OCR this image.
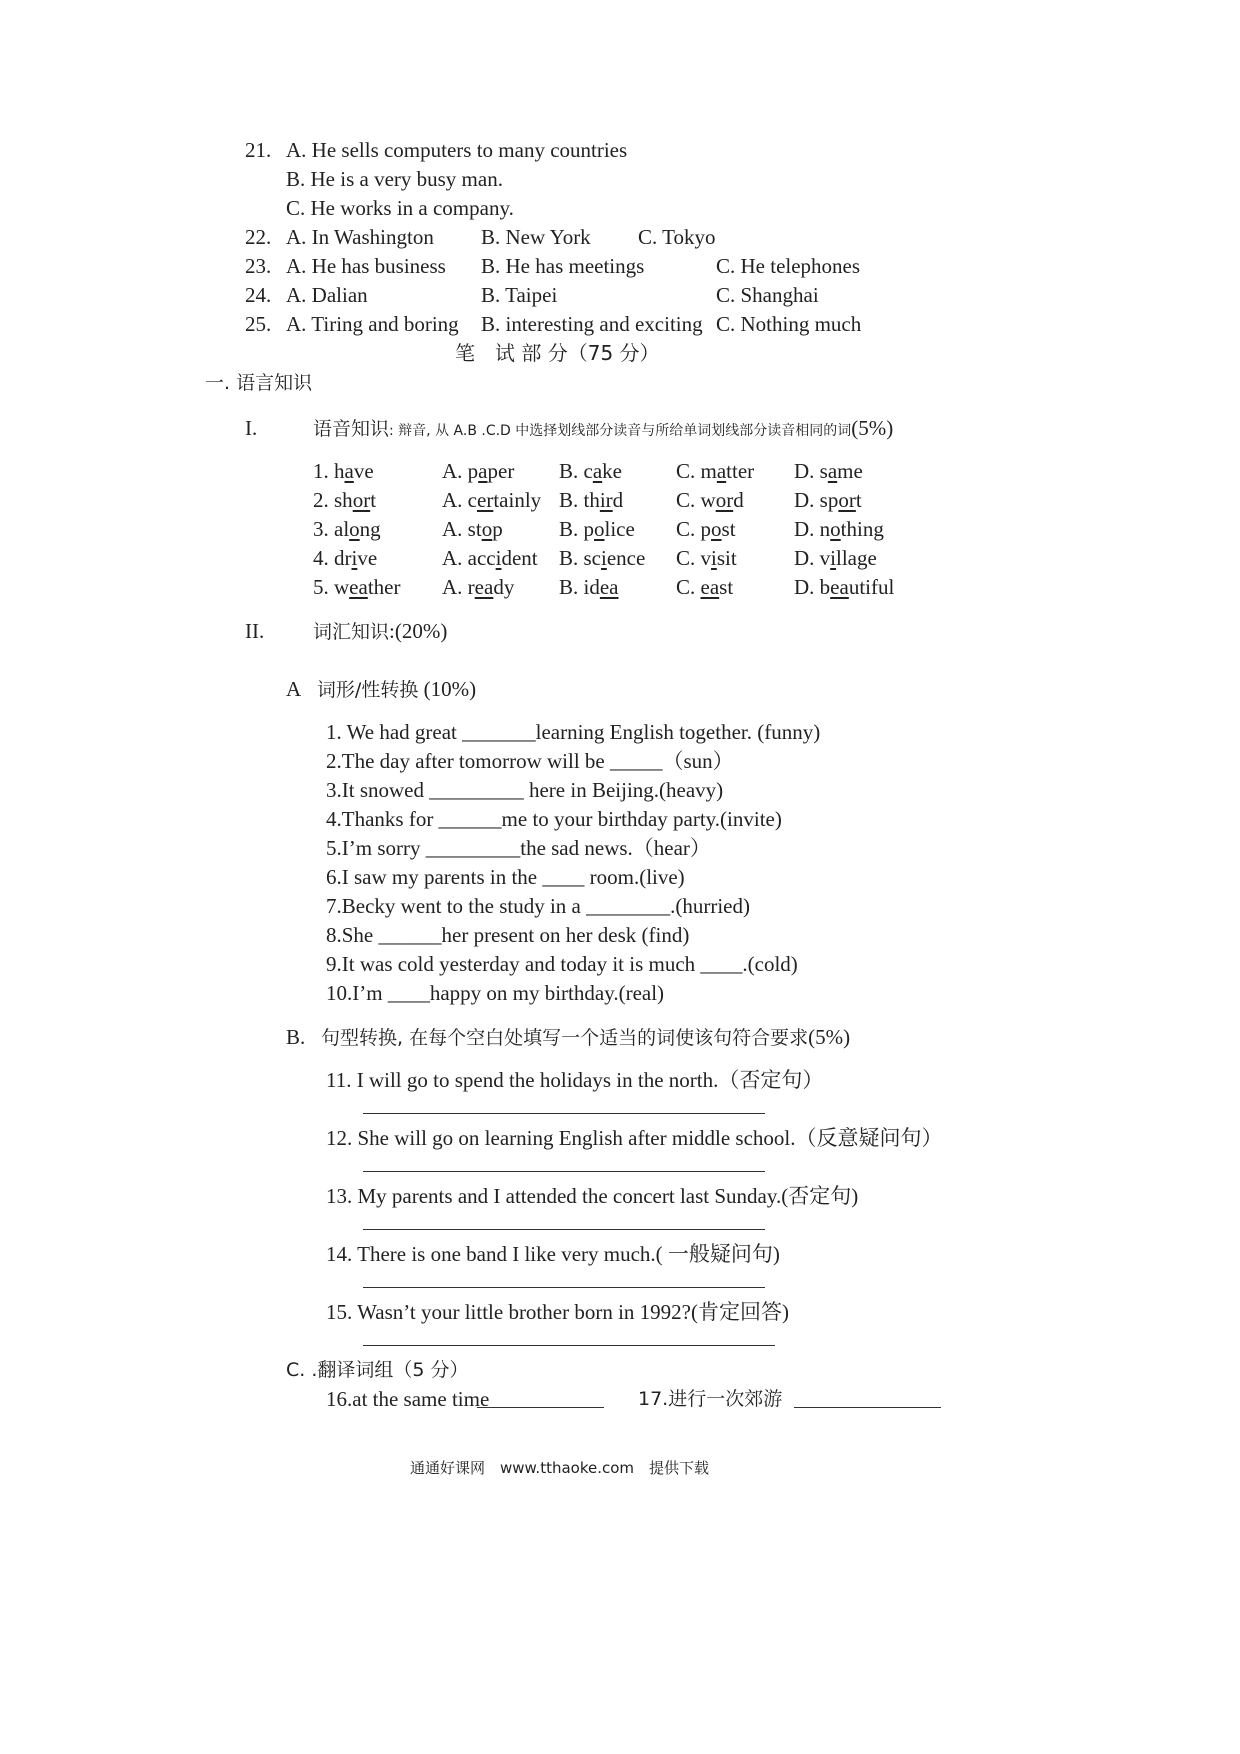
21. A. He sells computers to many countries
B. He is a very busy man.
C. He works in a company.
22. A. In Washington B. New York C. Tokyo
23. A. He has business B. He has meetings	C. He telephones
24. A. Dalian	B. Taipei	C. Shanghai
25. A. Tiring and boring B. interesting and exciting C. Nothing much
笔　试 部 分（75 分）
一. 语言知识
I.	语音知识: 辩音, 从 A.B .C.D 中选择划线部分读音与所给单词划线部分读音相同的词(5%)
1. have	A. paper B. cake	C. matter D. same
2. short	A. certainly B. third	C. word D. sport
3. along	A. stop	B. police C. post	D. nothing
4. drive	A. accident B. science C. visit	D. village
5. weather A. ready B. idea	C. east	D. beautiful
II.	词汇知识:(20%)
A 词形/性转换 (10%)
1. We had great _______learning English together. (funny)
2.The day after tomorrow will be _____（sun）
3.It snowed _________ here in Beijing.(heavy)
4.Thanks for ______me to your birthday party.(invite)
5.I’m sorry _________the sad news.（hear）
6.I saw my parents in the ____ room.(live)
7.Becky went to the study in a ________.(hurried)
8.She ______her present on her desk (find)
9.It was cold yesterday and today it is much ____.(cold)
10.I’m ____happy on my birthday.(real)
B. 句型转换, 在每个空白处填写一个适当的词使该句符合要求(5%)
11. I will go to spend the holidays in the north.（否定句）
12. She will go on learning English after middle school.（反意疑问句）
13. My parents and I attended the concert last Sunday.(否定句)
14. There is one band I like very much.( 一般疑问句)
15. Wasn’t your little brother born in 1992?(肯定回答)
C. .翻译词组（5 分）
16.at the same time	17.进行一次郊游
通通好课网　www.tthaoke.com　提供下载
